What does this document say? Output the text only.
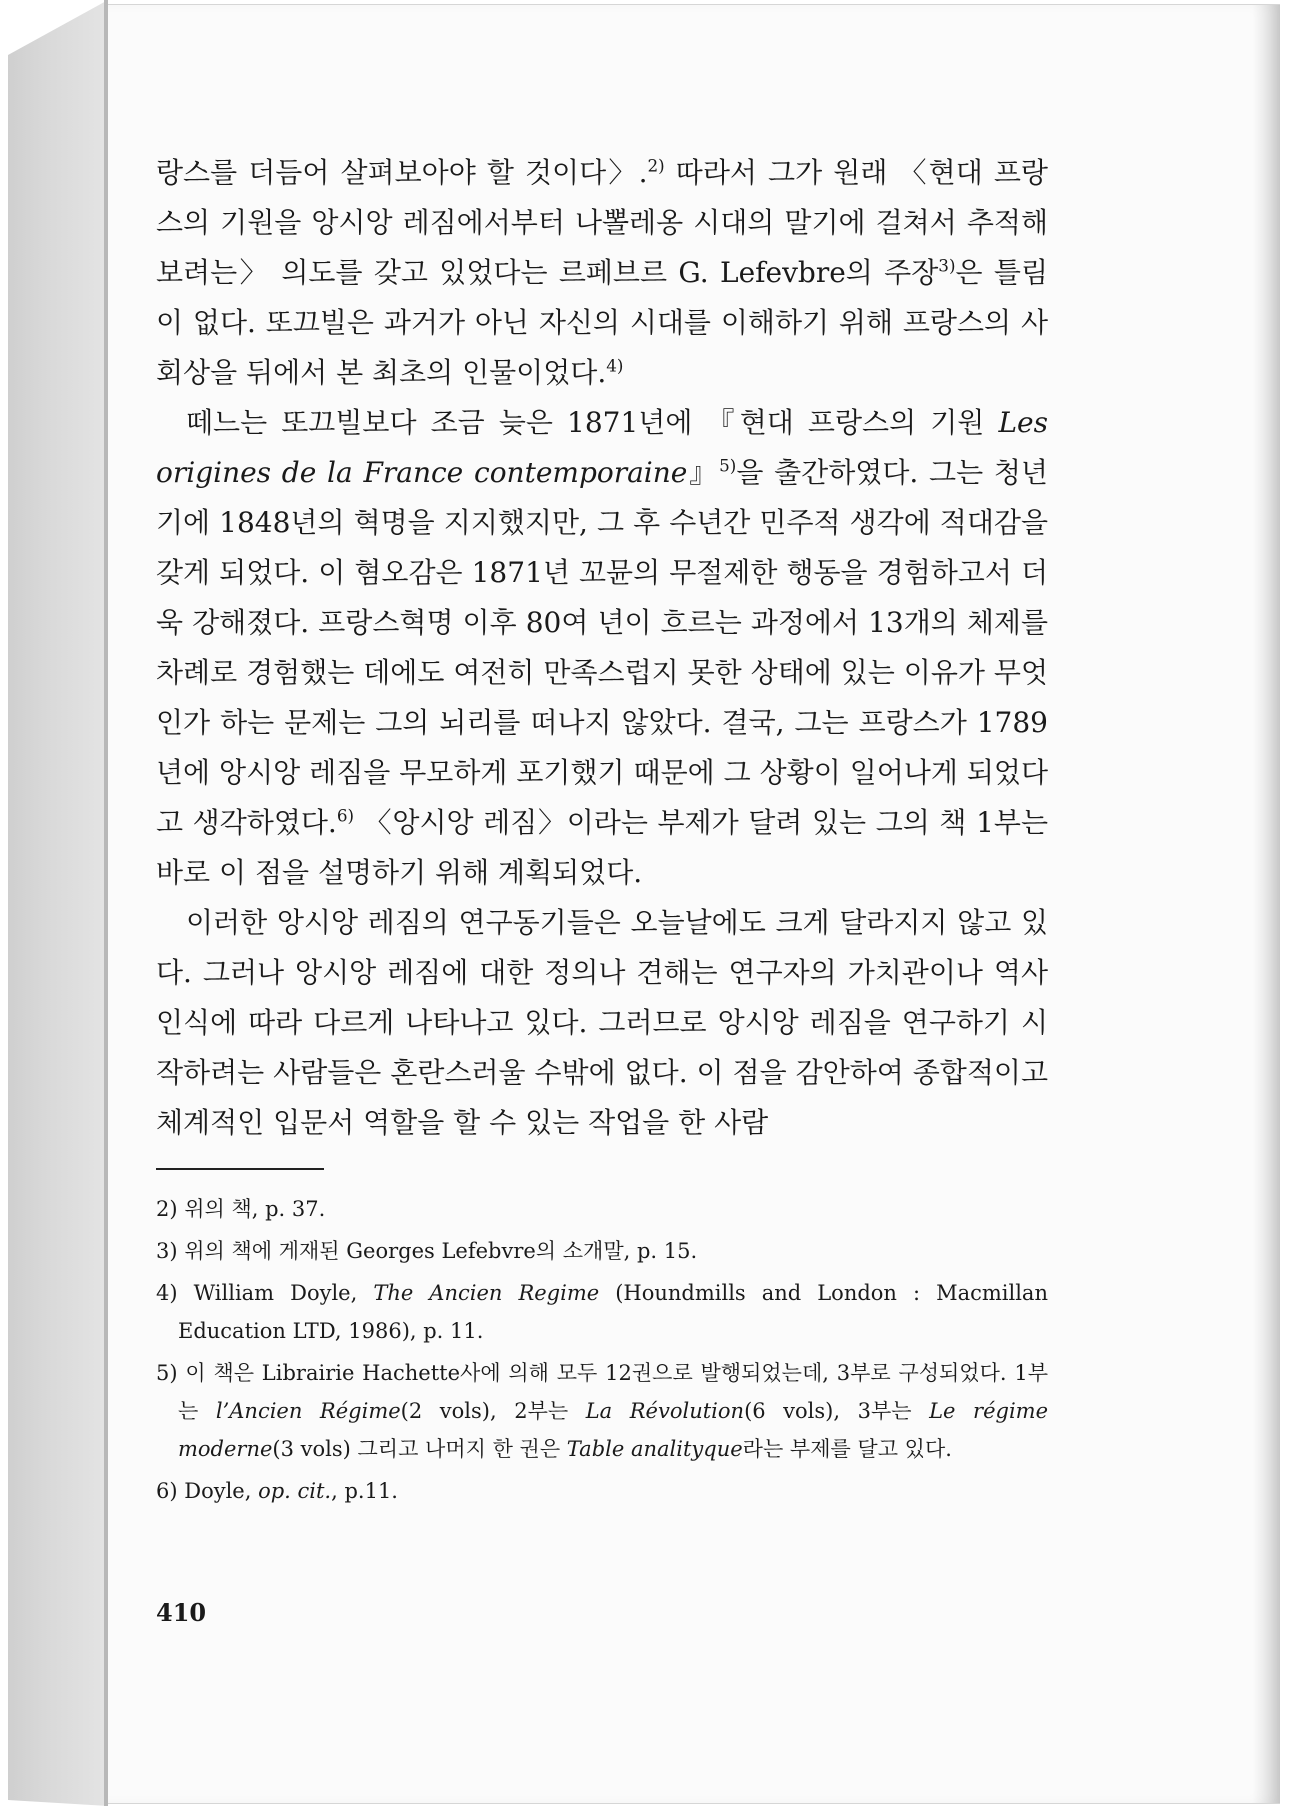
랑스를 더듬어 살펴보아야 할 것이다〉.$^{2)}$ 따라서 그가 원래 〈현대 프랑스의 기원을 앙시앙 레짐에서부터 나뽈레옹 시대의 말기에 걸쳐서 추적해보려는〉 의도를 갖고 있었다는 르페브르 G. Lefevbre의 주장$^{3)}$은 틀림이 없다. 또끄빌은 과거가 아닌 자신의 시대를 이해하기 위해 프랑스의 사회상을 뒤에서 본 최초의 인물이었다.$^{4)}$

떼느는 또끄빌보다 조금 늦은 1871년에 『현대 프랑스의 기원 Les origines de la France contemporaine』$^{5)}$을 출간하였다. 그는 청년기에 1848년의 혁명을 지지했지만, 그 후 수년간 민주적 생각에 적대감을 갖게 되었다. 이 혐오감은 1871년 꼬뮨의 무절제한 행동을 경험하고서 더욱 강해졌다. 프랑스혁명 이후 80여 년이 흐르는 과정에서 13개의 체제를 차례로 경험했는 데에도 여전히 만족스럽지 못한 상태에 있는 이유가 무엇인가 하는 문제는 그의 뇌리를 떠나지 않았다. 결국, 그는 프랑스가 1789년에 앙시앙 레짐을 무모하게 포기했기 때문에 그 상황이 일어나게 되었다고 생각하였다.$^{6)}$ 〈앙시앙 레짐〉이라는 부제가 달려 있는 그의 책 1부는 바로 이 점을 설명하기 위해 계획되었다.

이러한 앙시앙 레짐의 연구동기들은 오늘날에도 크게 달라지지 않고 있다. 그러나 앙시앙 레짐에 대한 정의나 견해는 연구자의 가치관이나 역사인식에 따라 다르게 나타나고 있다. 그러므로 앙시앙 레짐을 연구하기 시작하려는 사람들은 혼란스러울 수밖에 없다. 이 점을 감안하여 종합적이고 체계적인 입문서 역할을 할 수 있는 작업을 한 사람

2) 위의 책, p. 37.

3) 위의 책에 게재된 Georges Lefebvre의 소개말, p. 15.

4) William Doyle, The Ancien Regime (Houndmills and London : Macmillan Education LTD, 1986), p. 11.

5) 이 책은 Librairie Hachette사에 의해 모두 12권으로 발행되었는데, 3부로 구성되었다. 1부는 l’Ancien Régime(2 vols), 2부는 La Révolution(6 vols), 3부는 Le régime moderne(3 vols) 그리고 나머지 한 권은 Table analityque라는 부제를 달고 있다.

6) Doyle, op. cit., p.11.

410
